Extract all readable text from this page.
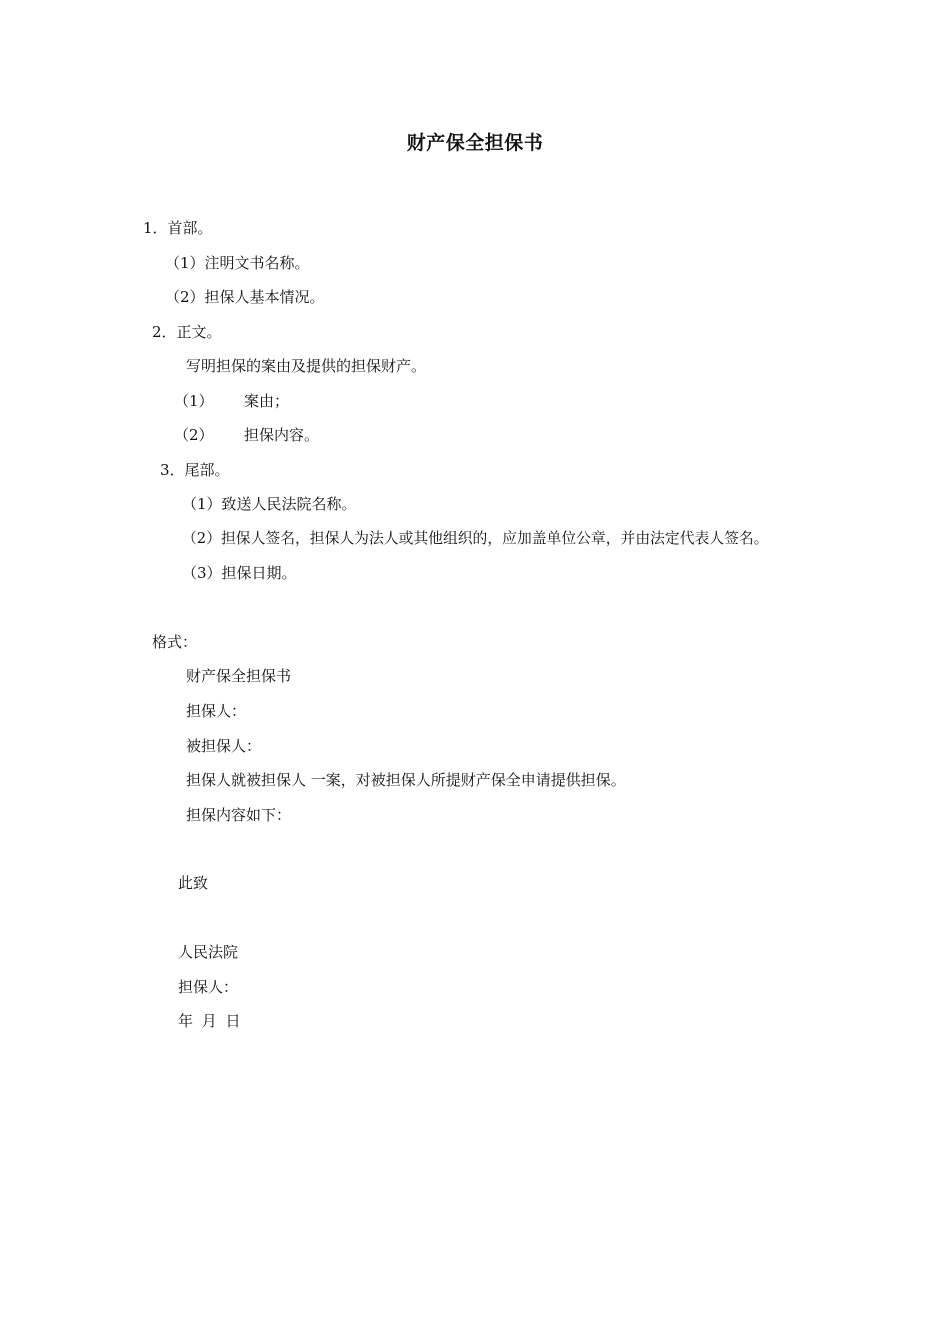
财产保全担保书
1．首部。
（1）注明文书名称。
（2）担保人基本情况。
2．正文。
写明担保的案由及提供的担保财产。
（1） 案由；
（2） 担保内容。
3．尾部。
（1）致送人民法院名称。
（2）担保人签名，担保人为法人或其他组织的，应加盖单位公章，并由法定代表人签名。
（3）担保日期。
格式：
财产保全担保书
担保人：
被担保人：
担保人就被担保人 一案，对被担保人所提财产保全申请提供担保。
担保内容如下：
此致
人民法院
担保人：
年 月 日
